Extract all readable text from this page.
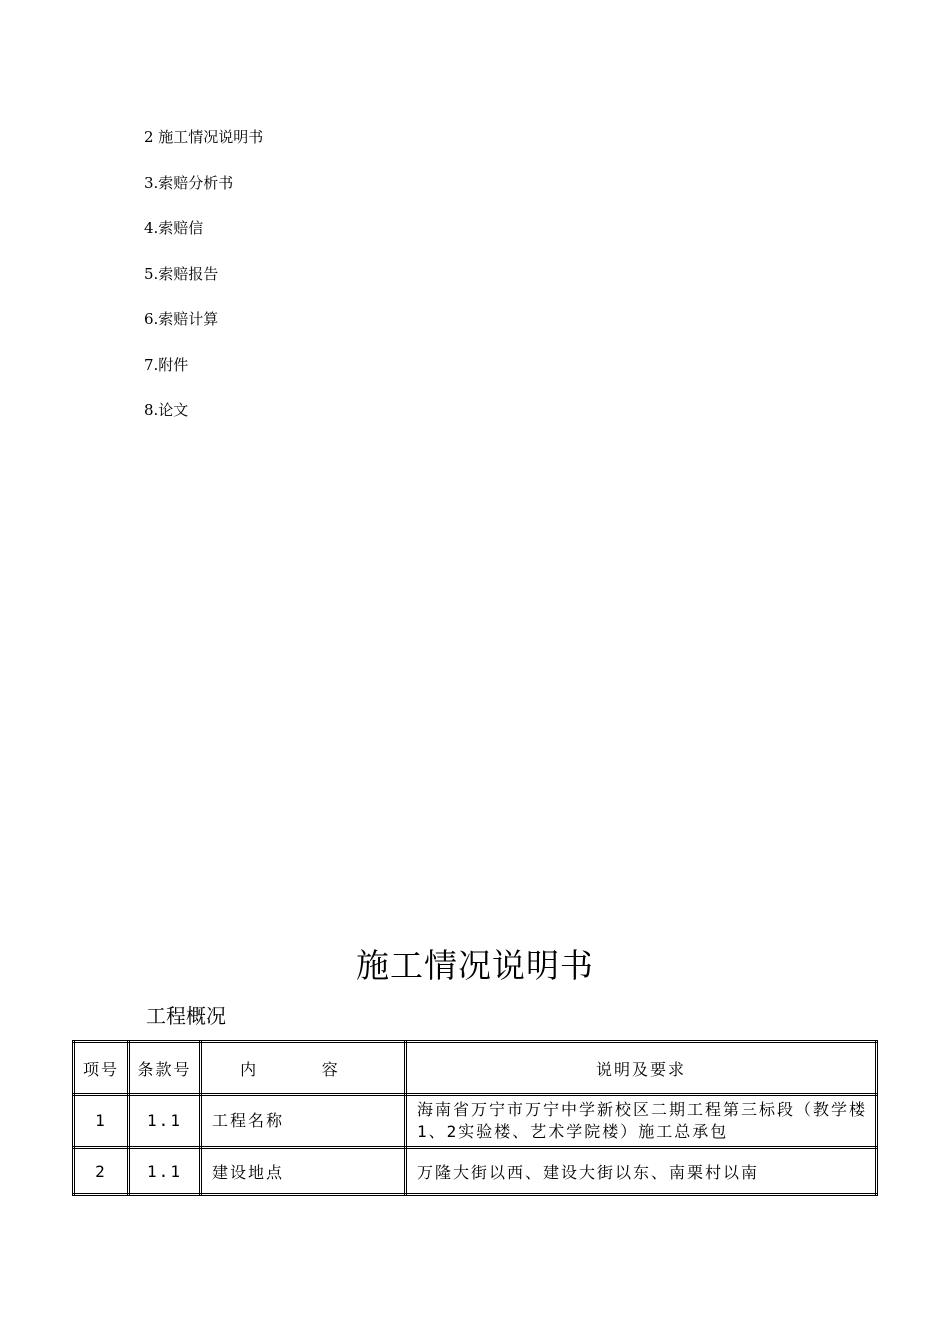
2 施工情况说明书
3.索赔分析书
4.索赔信
5.索赔报告
6.索赔计算
7.附件
8.论文
施工情况说明书
工程概况
项号	条款号	内 容	说明及要求
1	1.1	工程名称	海南省万宁市万宁中学新校区二期工程第三标段（教学楼1、2实验楼、艺术学院楼）施工总承包
2	1.1	建设地点	万隆大街以西、建设大街以东、南栗村以南
